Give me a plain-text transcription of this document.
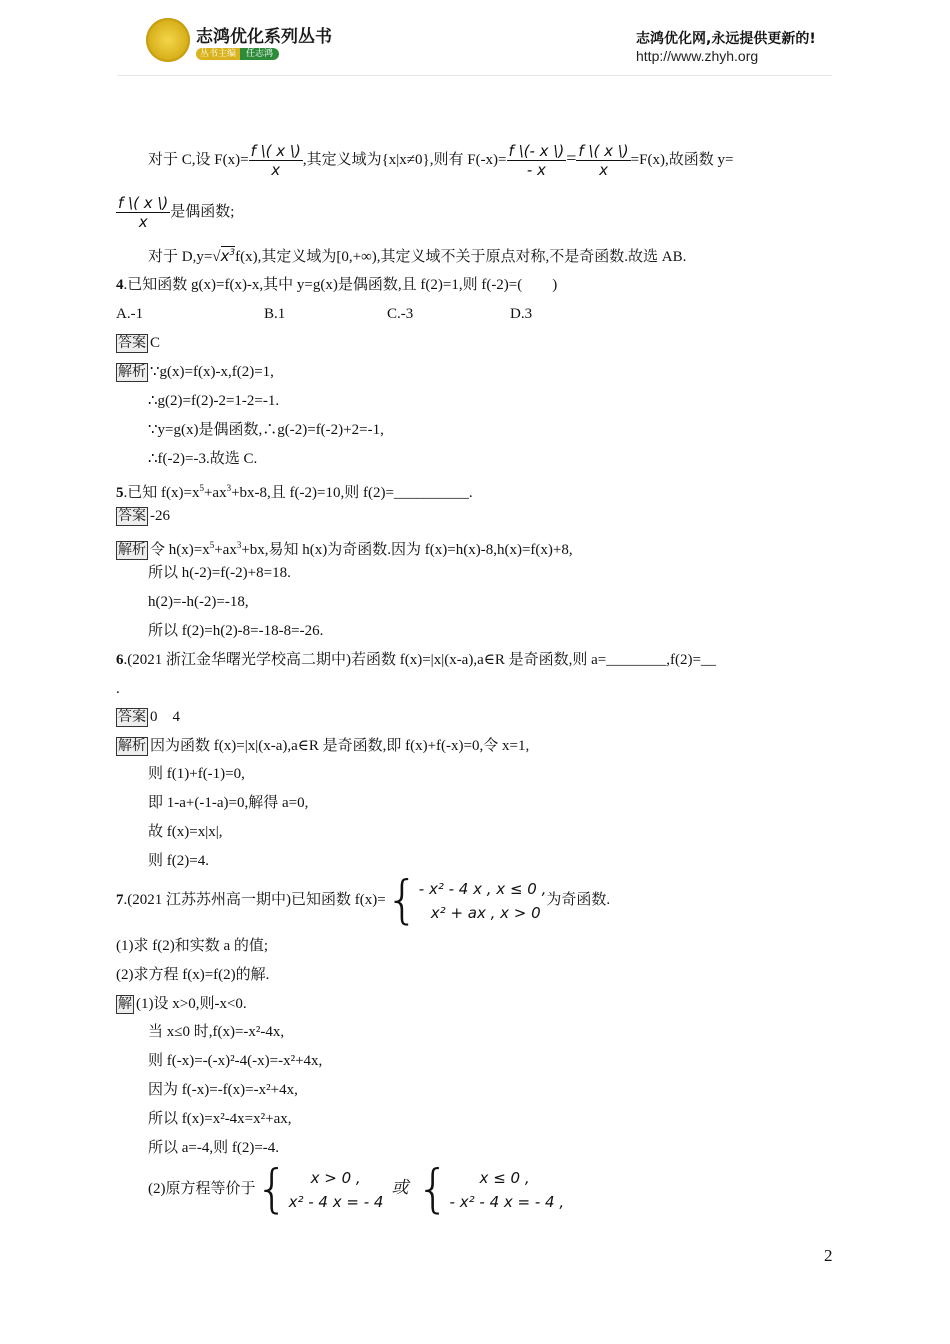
志鸿优化系列丛书
丛书主编 任志鸿
志鸿优化网,永远提供更新的!
http://www.zhyh.org
对于 C,设 $F(x)= \frac{f \backslash( x \backslash)}{x}$ ,其定义域为{x|x≠0},则有 $F(-x)= \frac{f \backslash(- x \backslash)}{- x} = \frac{f \backslash( x \backslash)}{x} =F(x)$,故函数 y=
$\frac{f \backslash( x \backslash)}{x}$ 是偶函数;
对于 $D,y=√x^3f(x)$,其定义域为[0,+∞),其定义域不关于原点对称,不是奇函数.故选 AB.
4.已知函数 g(x)=f(x)-x,其中 y=g(x)是偶函数,且 f(2)=1,则 f(-2)=(　　)
A.-1	B.1	C.-3	D.3
答案 C
解析 ∵g(x)=f(x)-x,f(2)=1,
∴g(2)=f(2)-2=1-2=-1.
∵y=g(x)是偶函数,∴g(-2)=f(-2)+2=-1,
∴f(-2)=-3.故选 C.
5.已知 $f(x)=x^5+ax^3+bx-8$,且 f(-2)=10,则 f(2)=__________.
答案 -26
解析 令 $h(x)=x^5+ax^3+bx$,易知 h(x)为奇函数.因为 f(x)=h(x)-8,h(x)=f(x)+8,
所以 h(-2)=f(-2)+8=18.
h(2)=-h(-2)=-18,
所以 f(2)=h(2)-8=-18-8=-26.
6.(2021 浙江金华曙光学校高二期中)若函数 f(x)=|x|(x-a),a∈R 是奇函数,则 a=________,f(2)=__
.
答案 0　4
解析 因为函数 f(x)=|x|(x-a),a∈R 是奇函数,即 f(x)+f(-x)=0,令 x=1,
则 f(1)+f(-1)=0,
即 1-a+(-1-a)=0,解得 a=0,
故 f(x)=x|x|,
则 f(2)=4.
7.(2021 江苏苏州高一期中)已知函数 f(x)={ - x² - 4 x , x ≤ 0 ,
x² + ax , x > 0
为奇函数.
(1)求 f(2)和实数 a 的值;
(2)求方程 f(x)=f(2)的解.
解 (1)设 x>0,则-x<0.
当 x≤0 时,f(x)=-x²-4x,
则 f(-x)=-(-x)²-4(-x)=-x²+4x,
因为 f(-x)=-f(x)=-x²+4x,
所以 f(x)=x²-4x=x²+ax,
所以 a=-4,则 f(2)=-4.
(2)原方程等价于{	x > 0 ,
x² - 4 x = - 4
或 {	x ≤ 0 ,
- x² - 4 x = - 4 ,
2
